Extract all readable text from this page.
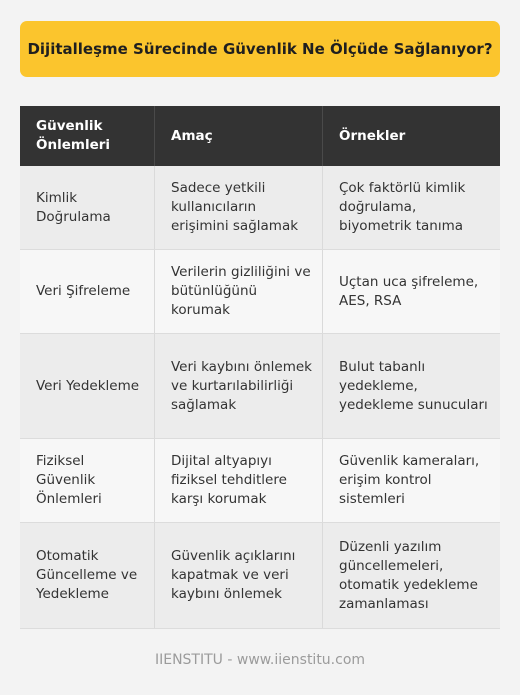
Dijitalleşme Sürecinde Güvenlik Ne Ölçüde Sağlanıyor?
Güvenlik Önlemleri
Amaç	Örnekler
Kimlik Doğrulama
Sadece yetkili kullanıcıların erişimini sağlamak
Çok faktörlü kimlik doğrulama, biyometrik tanıma
Veri Şifreleme
Verilerin gizliliğini ve bütünlüğünü korumak
Uçtan uca şifreleme, AES, RSA
Veri Yedekleme
Veri kaybını önlemek ve kurtarılabilirliği sağlamak
Bulut tabanlı yedekleme, yedekleme sunucuları
Fiziksel Güvenlik Önlemleri
Dijital altyapıyı fiziksel tehditlere karşı korumak
Güvenlik kameraları, erişim kontrol sistemleri
Otomatik Güncelleme ve Yedekleme
Güvenlik açıklarını kapatmak ve veri kaybını önlemek
Düzenli yazılım güncellemeleri, otomatik yedekleme zamanlaması
IIENSTITU - www.iienstitu.com
